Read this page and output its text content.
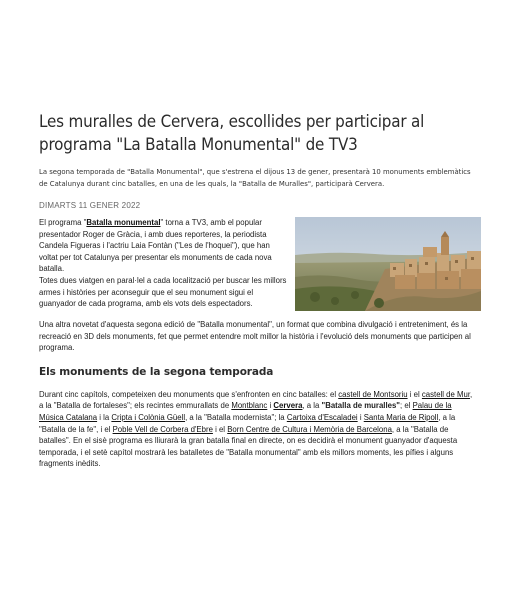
Les muralles de Cervera, escollides per participar al programa "La Batalla Monumental" de TV3

La segona temporada de "Batalla Monumental", que s'estrena el dijous 13 de gener, presentarà 10 monuments emblemàtics de Catalunya durant cinc batalles, en una de les quals, la "Batalla de Muralles", participarà Cervera.

DIMARTS 11 GENER 2022
El programa "Batalla monumental" torna a TV3, amb el popular presentador Roger de Gràcia, i amb dues reporteres, la periodista Candela Figueras i l'actriu Laia Fontàn ("Les de l'hoquei"), que han voltat per tot Catalunya per presentar els monuments de cada nova batalla.
Totes dues viatgen en paral·lel a cada localització per buscar les millors armes i històries per aconseguir que el seu monument sigui el guanyador de cada programa, amb els vots dels espectadors.

Una altra novetat d'aquesta segona edició de "Batalla monumental", un format que combina divulgació i entreteniment, és la recreació en 3D dels monuments, fet que permet entendre molt millor la història i l'evolució dels monuments que participen al programa.

Els monuments de la segona temporada

Durant cinc capítols, competeixen deu monuments que s'enfronten en cinc batalles: el castell de Montsoriu i el castell de Mur, a la "Batalla de fortaleses"; els recintes emmurallats de Montblanc i Cervera, a la "Batalla de muralles"; el Palau de la Música Catalana i la Cripta i Colònia Güell, a la "Batalla modernista"; la Cartoixa d'Escaladei i Santa Maria de Ripoll, a la "Batalla de la fe", i el Poble Vell de Corbera d'Ebre i el Born Centre de Cultura i Memòria de Barcelona, a la "Batalla de batalles". En el sisè programa es lliurarà la gran batalla final en directe, on es decidirà el monument guanyador d'aquesta temporada, i el setè capítol mostrarà les batalletes de "Batalla monumental" amb els millors moments, les pífies i alguns fragments inèdits.
